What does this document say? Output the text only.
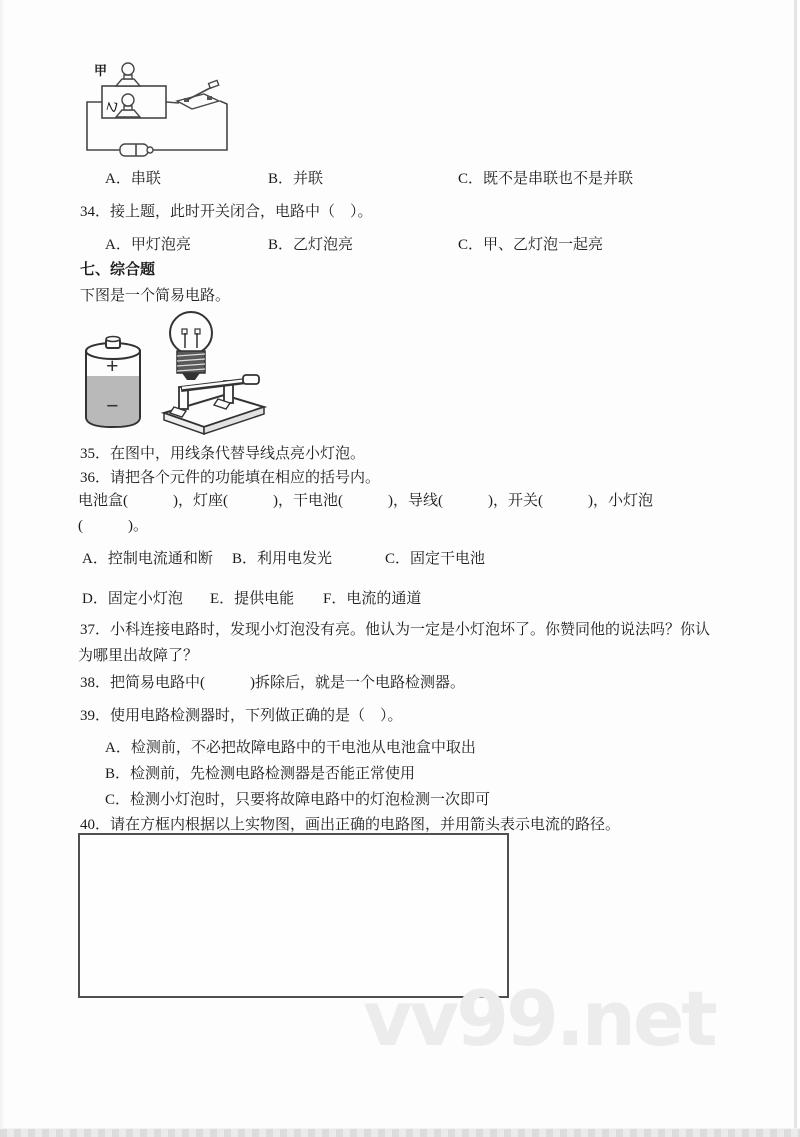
甲
乙
A．串联	B．并联	C．既不是串联也不是并联
34．接上题，此时开关闭合，电路中（　）。
A．甲灯泡亮	B．乙灯泡亮	C．甲、乙灯泡一起亮
七、综合题
下图是一个简易电路。
+
−
35．在图中，用线条代替导线点亮小灯泡。
36．请把各个元件的功能填在相应的括号内。
电池盒(　　　)，灯座(　　　)，干电池(　　　)，导线(　　　)，开关(　　　)，小灯泡
(　　　)。
A．控制电流通和断 B．利用电发光	C．固定干电池
D．固定小灯泡 E．提供电能 F．电流的通道
37．小科连接电路时，发现小灯泡没有亮。他认为一定是小灯泡坏了。你赞同他的说法吗？你认
为哪里出故障了？
38．把简易电路中(　　　)拆除后，就是一个电路检测器。
39．使用电路检测器时，下列做正确的是（　）。
A．检测前，不必把故障电路中的干电池从电池盒中取出
B．检测前，先检测电路检测器是否能正常使用
C．检测小灯泡时，只要将故障电路中的灯泡检测一次即可
40．请在方框内根据以上实物图，画出正确的电路图，并用箭头表示电流的路径。
vv99.net
